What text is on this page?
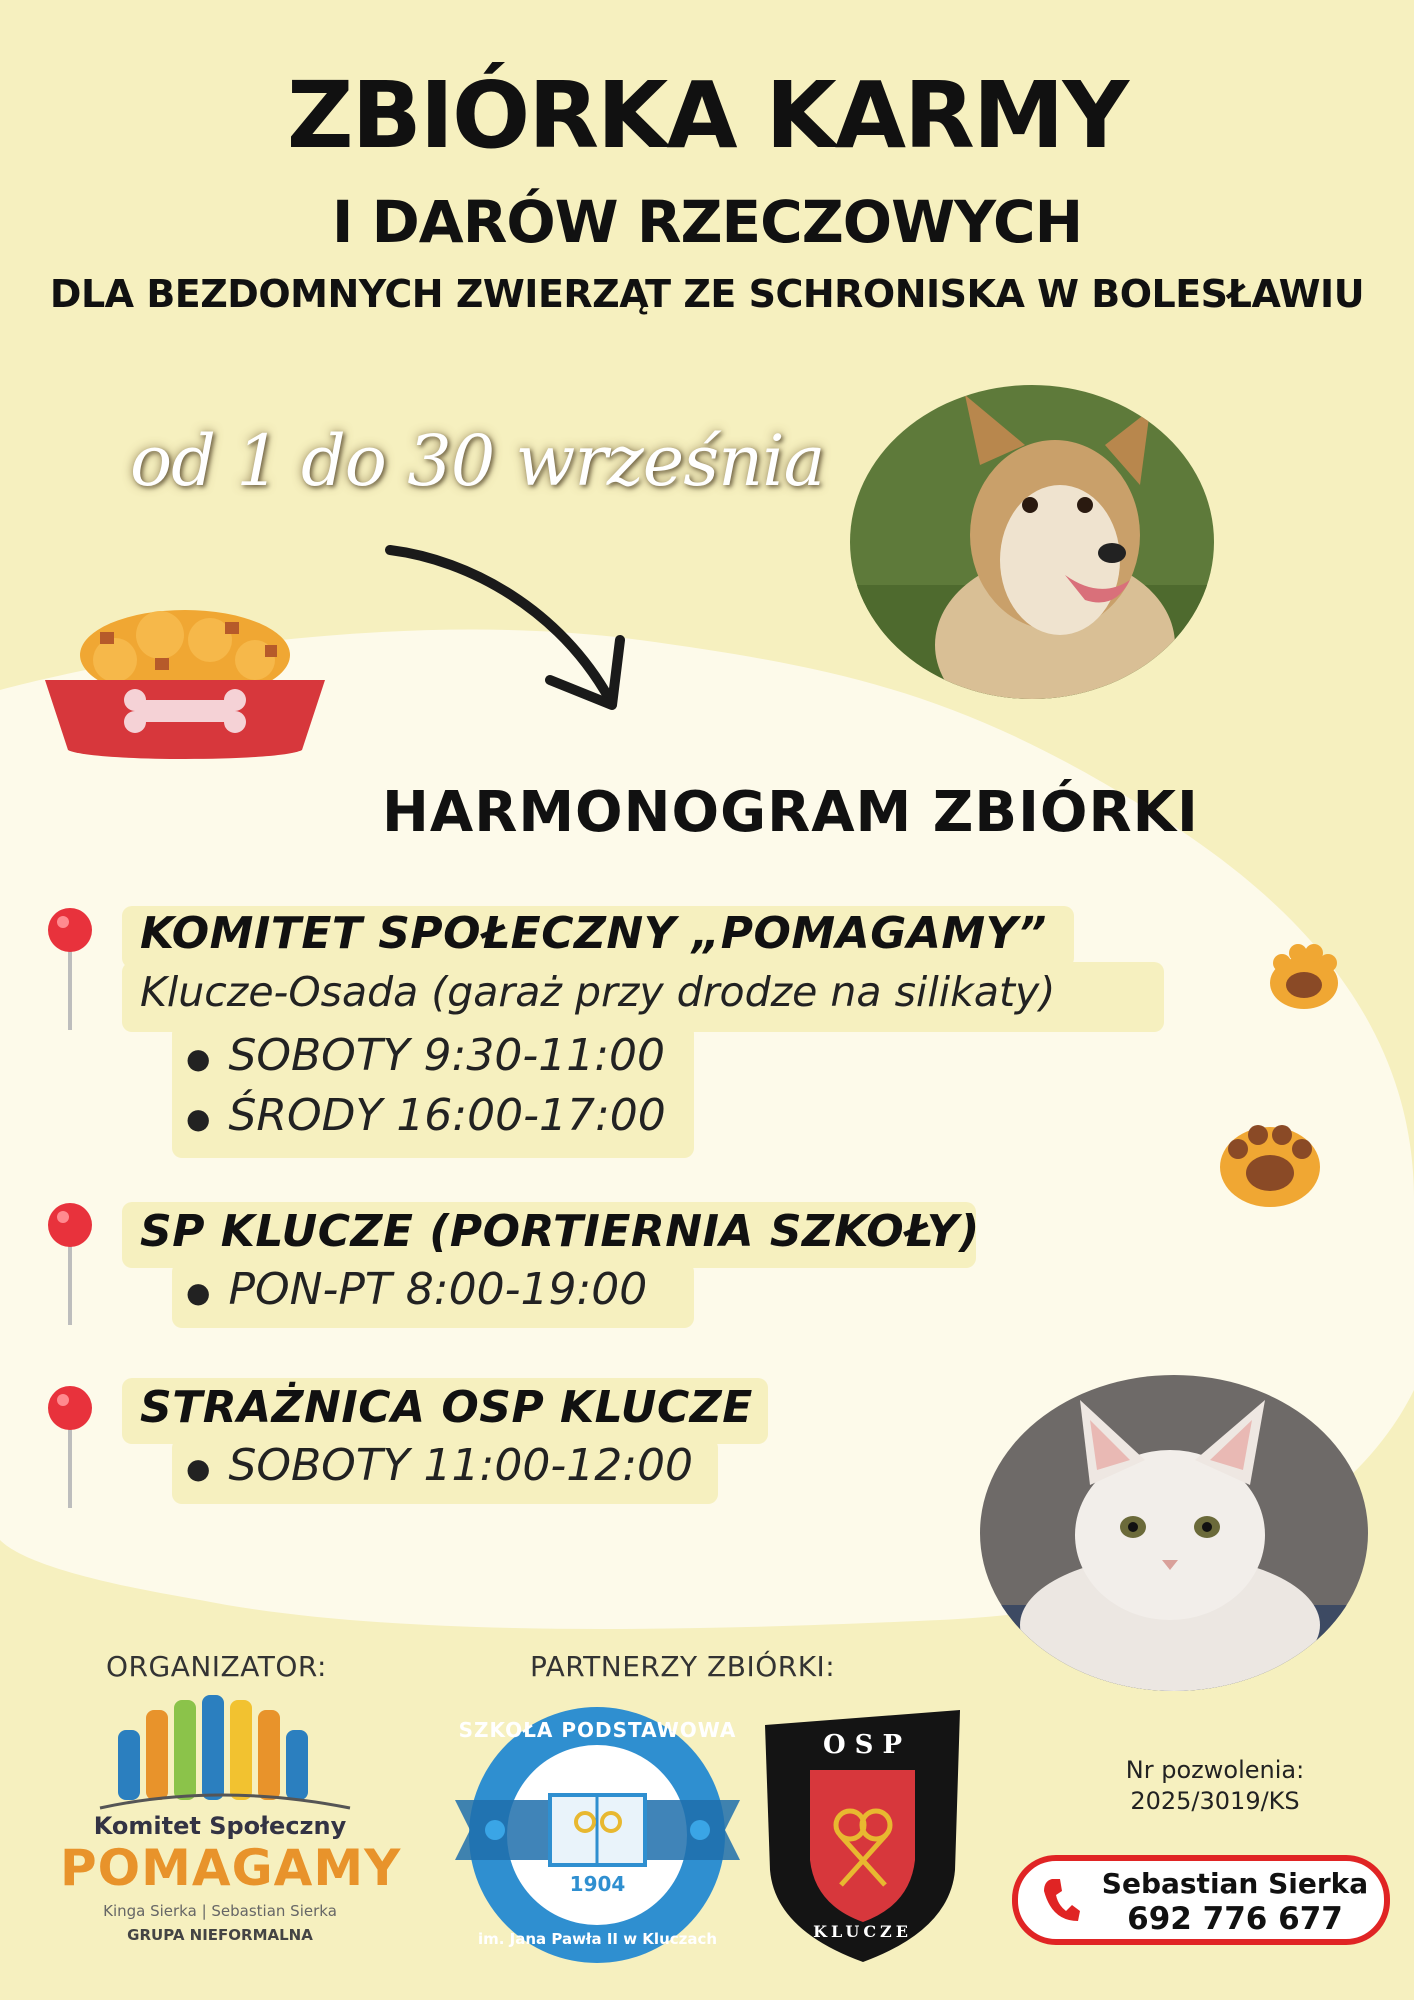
ZBIÓRKA KARMY
I DARÓW RZECZOWYCH
DLA BEZDOMNYCH ZWIERZĄT ZE SCHRONISKA W BOLESŁAWIU
od 1 do 30 września
HARMONOGRAM ZBIÓRKI
KOMITET SPOŁECZNY „POMAGAMY”
Klucze-Osada (garaż przy drodze na silikaty)
● SOBOTY 9:30-11:00
● ŚRODY 16:00-17:00
SP KLUCZE (PORTIERNIA SZKOŁY)
● PON-PT 8:00-19:00
STRAŻNICA OSP KLUCZE
● SOBOTY 11:00-12:00
ORGANIZATOR:	PARTNERZY ZBIÓRKI:
Komitet Społeczny
POMAGAMY
Kinga Sierka | Sebastian Sierka
GRUPA NIEFORMALNA
SZKOŁA PODSTAWOWA
1904
im. Jana Pawła II w Kluczach
O S P
KLUCZE
Nr pozwolenia:
2025/3019/KS
Sebastian Sierka
692 776 677
